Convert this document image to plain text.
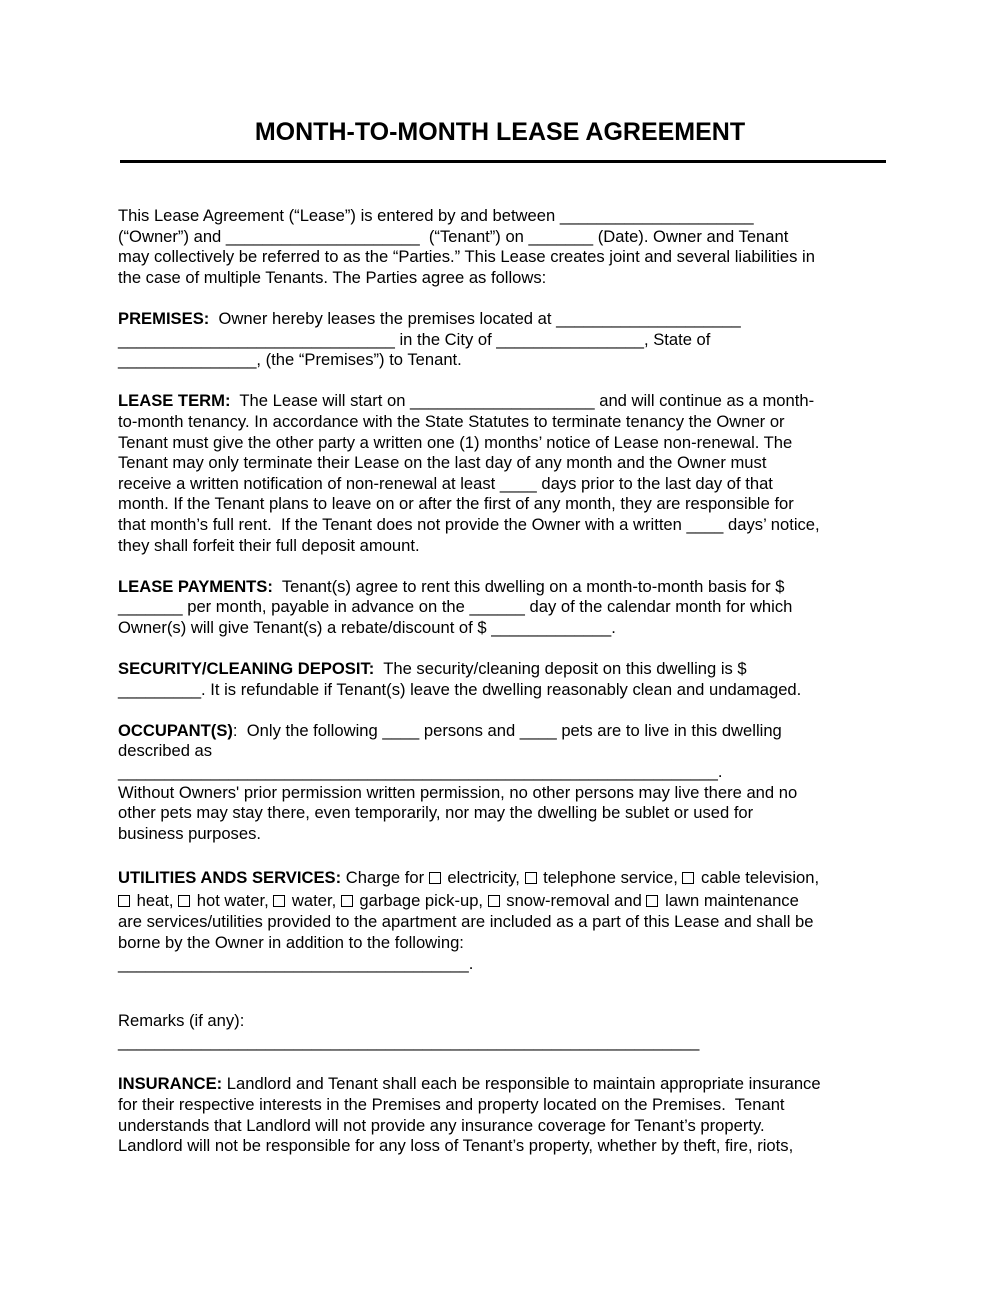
MONTH-TO-MONTH LEASE AGREEMENT
This Lease Agreement (“Lease”) is entered by and between _____________________
(“Owner”) and _____________________  (“Tenant”) on _______ (Date). Owner and Tenant
may collectively be referred to as the “Parties.” This Lease creates joint and several liabilities in
the case of multiple Tenants. The Parties agree as follows:
PREMISES:  Owner hereby leases the premises located at ____________________
______________________________ in the City of ________________, State of
_______________, (the “Premises”) to Tenant.
LEASE TERM:  The Lease will start on ____________________ and will continue as a month-
to-month tenancy. In accordance with the State Statutes to terminate tenancy the Owner or
Tenant must give the other party a written one (1) months’ notice of Lease non-renewal. The
Tenant may only terminate their Lease on the last day of any month and the Owner must
receive a written notification of non-renewal at least ____ days prior to the last day of that
month. If the Tenant plans to leave on or after the first of any month, they are responsible for
that month’s full rent.  If the Tenant does not provide the Owner with a written ____ days’ notice,
they shall forfeit their full deposit amount.
LEASE PAYMENTS:  Tenant(s) agree to rent this dwelling on a month-to-month basis for $
_______ per month, payable in advance on the ______ day of the calendar month for which
Owner(s) will give Tenant(s) a rebate/discount of $ _____________.
SECURITY/CLEANING DEPOSIT:  The security/cleaning deposit on this dwelling is $
_________. It is refundable if Tenant(s) leave the dwelling reasonably clean and undamaged.
OCCUPANT(S):  Only the following ____ persons and ____ pets are to live in this dwelling
described as
_________________________________________________________________.
Without Owners' prior permission written permission, no other persons may live there and no
other pets may stay there, even temporarily, nor may the dwelling be sublet or used for
business purposes.
UTILITIES ANDS SERVICES: Charge for  electricity,  telephone service,  cable television,
heat,  hot water,  water,  garbage pick-up,  snow-removal and  lawn maintenance
are services/utilities provided to the apartment are included as a part of this Lease and shall be
borne by the Owner in addition to the following:
______________________________________.
Remarks (if any):
_______________________________________________________________
INSURANCE: Landlord and Tenant shall each be responsible to maintain appropriate insurance
for their respective interests in the Premises and property located on the Premises.  Tenant
understands that Landlord will not provide any insurance coverage for Tenant’s property.
Landlord will not be responsible for any loss of Tenant’s property, whether by theft, fire, riots,
